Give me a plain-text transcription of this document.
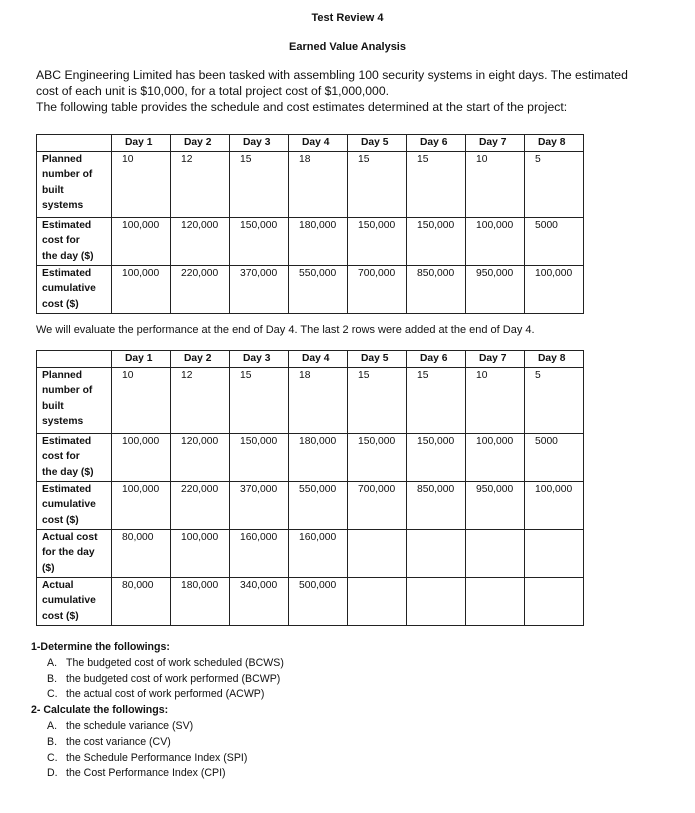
Test Review 4
Earned Value Analysis
ABC Engineering Limited has been tasked with assembling 100 security systems in eight days. The estimated
cost of each unit is $10,000, for a total project cost of $1,000,000.
The following table provides the schedule and cost estimates determined at the start of the project:
	Day 1	Day 2	Day 3	Day 4	Day 5	Day 6	Day 7	Day 8

Planned
number of
built
systems	10	12	15	18	15	15	10	5

Estimated
cost for
the day ($)	100,000	120,000	150,000	180,000	150,000	150,000	100,000	5000

Estimated
cumulative
cost ($)	100,000	220,000	370,000	550,000	700,000	850,000	950,000	100,000
We will evaluate the performance at the end of Day 4. The last 2 rows were added at the end of Day 4.
	Day 1	Day 2	Day 3	Day 4	Day 5	Day 6	Day 7	Day 8

Planned
number of
built
systems	10	12	15	18	15	15	10	5

Estimated
cost for
the day ($)	100,000	120,000	150,000	180,000	150,000	150,000	100,000	5000

Estimated
cumulative
cost ($)	100,000	220,000	370,000	550,000	700,000	850,000	950,000	100,000

Actual cost
for the day
($)	80,000	100,000	160,000	160,000				

Actual
cumulative
cost ($)	80,000	180,000	340,000	500,000				
1-Determine the followings:
A. The budgeted cost of work scheduled (BCWS)
B. the budgeted cost of work performed (BCWP)
C. the actual cost of work performed (ACWP)
2- Calculate the followings:
A. the schedule variance (SV)
B. the cost variance (CV)
C. the Schedule Performance Index (SPI)
D. the Cost Performance Index (CPI)
